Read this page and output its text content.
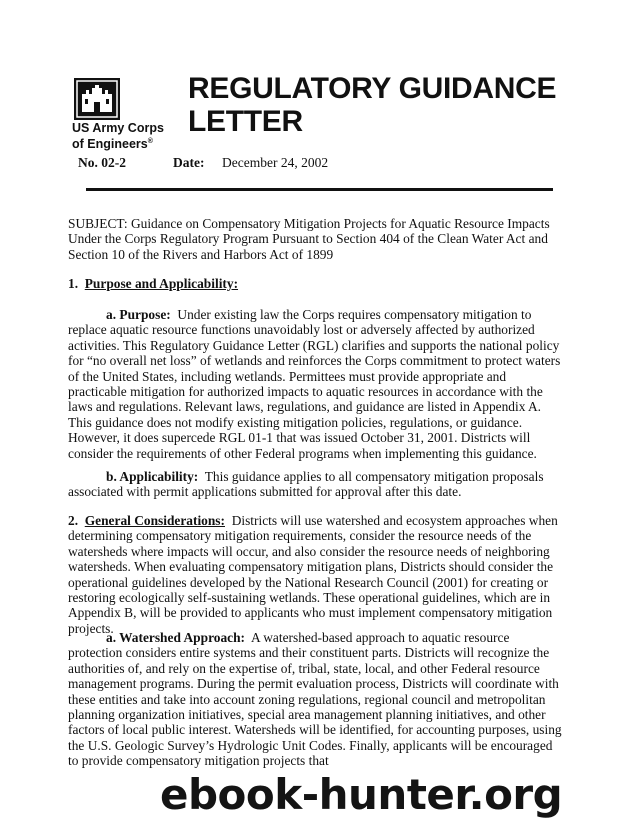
US Army Corps
of Engineers®
REGULATORY GUIDANCE
LETTER
No. 02-2	Date: December 24, 2002
SUBJECT: Guidance on Compensatory Mitigation Projects for Aquatic Resource Impacts Under the Corps Regulatory Program Pursuant to Section 404 of the Clean Water Act and Section 10 of the Rivers and Harbors Act of 1899
1. Purpose and Applicability:
a. Purpose: Under existing law the Corps requires compensatory mitigation to replace aquatic resource functions unavoidably lost or adversely affected by authorized activities. This Regulatory Guidance Letter (RGL) clarifies and supports the national policy for “no overall net loss” of wetlands and reinforces the Corps commitment to protect waters of the United States, including wetlands. Permittees must provide appropriate and practicable mitigation for authorized impacts to aquatic resources in accordance with the laws and regulations. Relevant laws, regulations, and guidance are listed in Appendix A. This guidance does not modify existing mitigation policies, regulations, or guidance. However, it does supercede RGL 01-1 that was issued October 31, 2001. Districts will consider the requirements of other Federal programs when implementing this guidance.
b. Applicability: This guidance applies to all compensatory mitigation proposals associated with permit applications submitted for approval after this date.
2. General Considerations: Districts will use watershed and ecosystem approaches when determining compensatory mitigation requirements, consider the resource needs of the watersheds where impacts will occur, and also consider the resource needs of neighboring watersheds. When evaluating compensatory mitigation plans, Districts should consider the operational guidelines developed by the National Research Council (2001) for creating or restoring ecologically self-sustaining wetlands. These operational guidelines, which are in Appendix B, will be provided to applicants who must implement compensatory mitigation projects.
a. Watershed Approach: A watershed-based approach to aquatic resource protection considers entire systems and their constituent parts. Districts will recognize the authorities of, and rely on the expertise of, tribal, state, local, and other Federal resource management programs. During the permit evaluation process, Districts will coordinate with these entities and take into account zoning regulations, regional council and metropolitan planning organization initiatives, special area management planning initiatives, and other factors of local public interest. Watersheds will be identified, for accounting purposes, using the U.S. Geologic Survey’s Hydrologic Unit Codes. Finally, applicants will be encouraged to provide compensatory mitigation projects that
ebook-hunter.org
